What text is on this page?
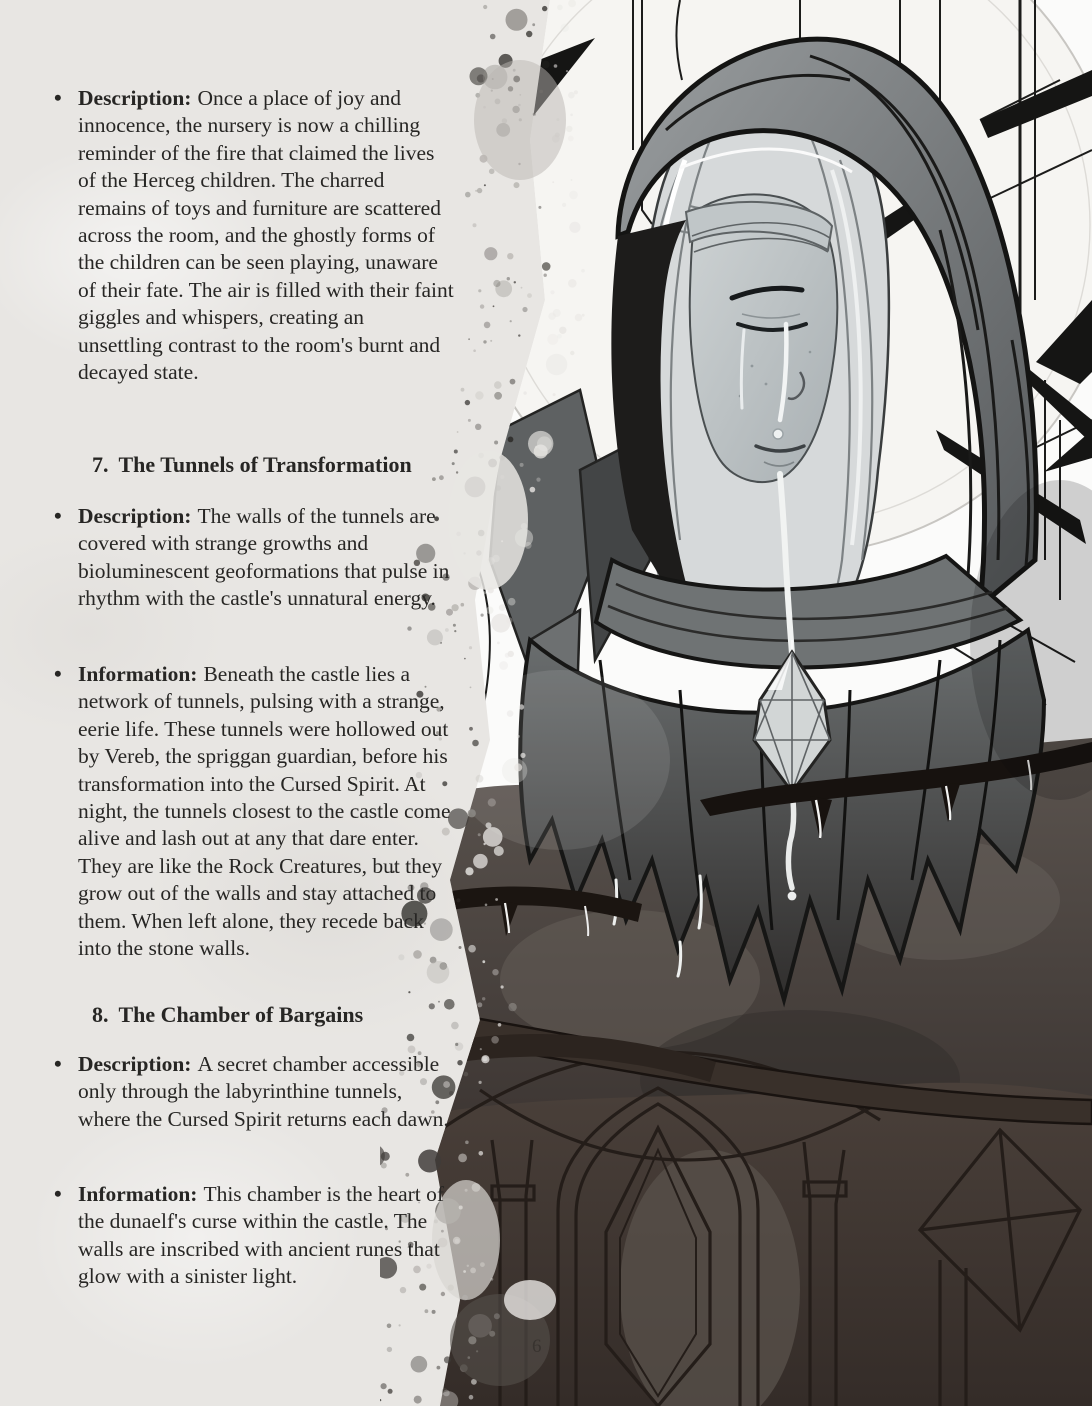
6
• Description: Once a place of joy and innocence, the nursery is now a chilling reminder of the fire that claimed the lives of the Herceg children. The charred remains of toys and furniture are scattered across the room, and the ghostly forms of the children can be seen playing, unaware of their fate. The air is filled with their faint giggles and whispers, creating an unsettling contrast to the room's burnt and decayed state.
7. The Tunnels of Transformation
• Description: The walls of the tunnels are covered with strange growths and bioluminescent geoformations that pulse in rhythm with the castle's unnatural energy.
• Information: Beneath the castle lies a network of tunnels, pulsing with a strange, eerie life. These tunnels were hollowed out by Vereb, the spriggan guardian, before his transformation into the Cursed Spirit. At night, the tunnels closest to the castle come alive and lash out at any that dare enter. They are like the Rock Creatures, but they grow out of the walls and stay attached to them. When left alone, they recede back into the stone walls.
8. The Chamber of Bargains
• Description: A secret chamber accessible only through the labyrinthine tunnels, where the Cursed Spirit returns each dawn.
• Information: This chamber is the heart of the dunaelf's curse within the castle. The walls are inscribed with ancient runes that glow with a sinister light.
